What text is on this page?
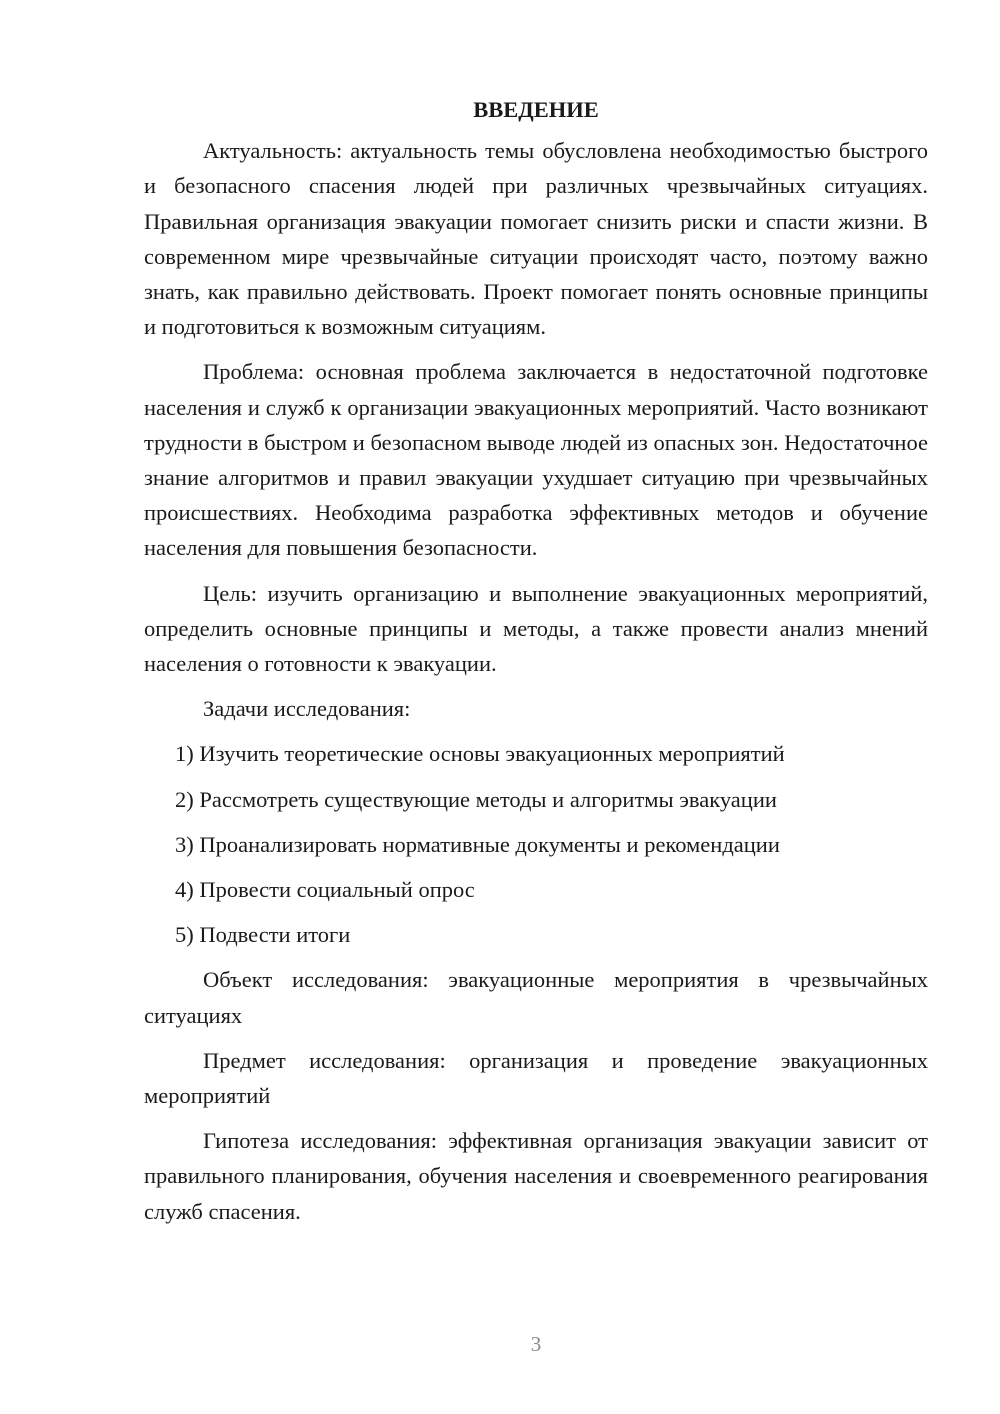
ВВЕДЕНИЕ
Актуальность: актуальность темы обусловлена необходимостью быстрого и безопасного спасения людей при различных чрезвычайных ситуациях. Правильная организация эвакуации помогает снизить риски и спасти жизни. В современном мире чрезвычайные ситуации происходят часто, поэтому важно знать, как правильно действовать. Проект помогает понять основные принципы и подготовиться к возможным ситуациям.
Проблема: основная проблема заключается в недостаточной подготовке населения и служб к организации эвакуационных мероприятий. Часто возникают трудности в быстром и безопасном выводе людей из опасных зон. Недостаточное знание алгоритмов и правил эвакуации ухудшает ситуацию при чрезвычайных происшествиях. Необходима разработка эффективных методов и обучение населения для повышения безопасности.
Цель: изучить организацию и выполнение эвакуационных мероприятий, определить основные принципы и методы, а также провести анализ мнений населения о готовности к эвакуации.
Задачи исследования:
1) Изучить теоретические основы эвакуационных мероприятий
2) Рассмотреть существующие методы и алгоритмы эвакуации
3) Проанализировать нормативные документы и рекомендации
4) Провести социальный опрос
5) Подвести итоги
Объект исследования: эвакуационные мероприятия в чрезвычайных ситуациях
Предмет исследования: организация и проведение эвакуационных мероприятий
Гипотеза исследования: эффективная организация эвакуации зависит от правильного планирования, обучения населения и своевременного реагирования служб спасения.
3
